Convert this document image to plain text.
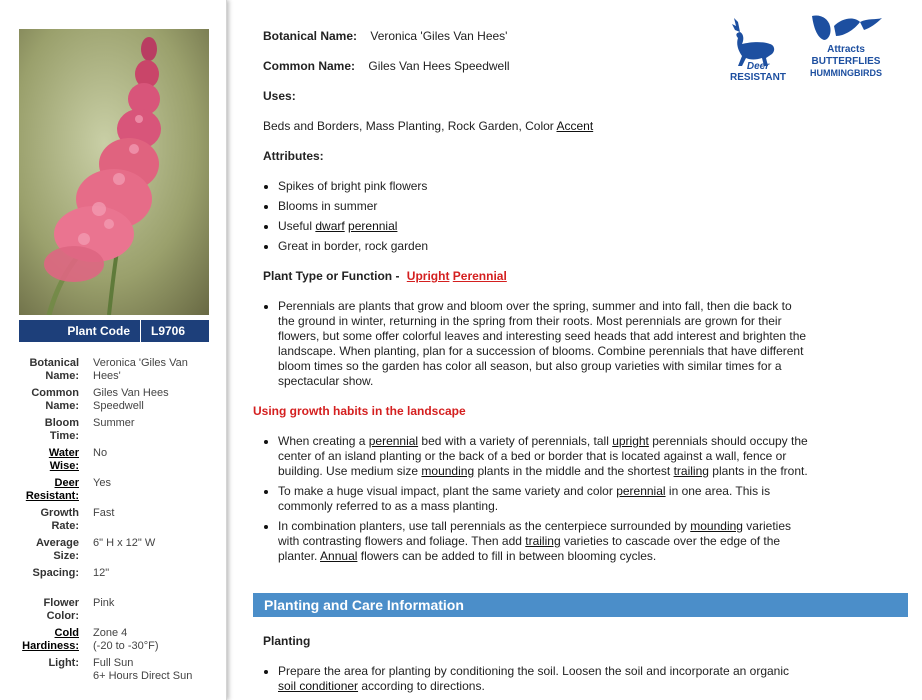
Plant Code	L9706
Botanical
Name:
Veronica 'Giles Van Hees'
Common
Name:
Giles Van Hees Speedwell
Bloom
Time:
Summer
Water
Wise:
No
Deer
Resistant:
Yes
Growth
Rate:
Fast
Average
Size:
6" H x 12" W
Spacing: 12"
Flower
Color:
Pink
Cold
Hardiness:
Zone 4
(-20 to -30°F)
Light: Full Sun
6+ Hours Direct Sun
Botanical Name: Veronica 'Giles Van Hees'
Common Name: Giles Van Hees Speedwell
Uses:
Beds and Borders, Mass Planting, Rock Garden, Color Accent
Attributes:
Spikes of bright pink flowers
Blooms in summer
Useful dwarf perennial
Great in border, rock garden
Plant Type or Function - Upright Perennial
Perennials are plants that grow and bloom over the spring, summer and into fall, then die back to the ground in winter, returning in the spring from their roots. Most perennials are grown for their flowers, but some offer colorful leaves and interesting seed heads that add interest and brighten the landscape. When planting, plan for a succession of blooms. Combine perennials that have different bloom times so the garden has color all season, but also group varieties with similar times for a spectacular show.
Using growth habits in the landscape
When creating a perennial bed with a variety of perennials, tall upright perennials should occupy the center of an island planting or the back of a bed or border that is located against a wall, fence or building. Use medium size mounding plants in the middle and the shortest trailing plants in the front.
To make a huge visual impact, plant the same variety and color perennial in one area. This is commonly referred to as a mass planting.
In combination planters, use tall perennials as the centerpiece surrounded by mounding varieties with contrasting flowers and foliage. Then add trailing varieties to cascade over the edge of the planter. Annual flowers can be added to fill in between blooming cycles.
Planting and Care Information
Planting
Prepare the area for planting by conditioning the soil. Loosen the soil and incorporate an organic soil conditioner according to directions.
Deer
RESISTANT
Attracts
BUTTERFLIES
HUMMINGBIRDS
